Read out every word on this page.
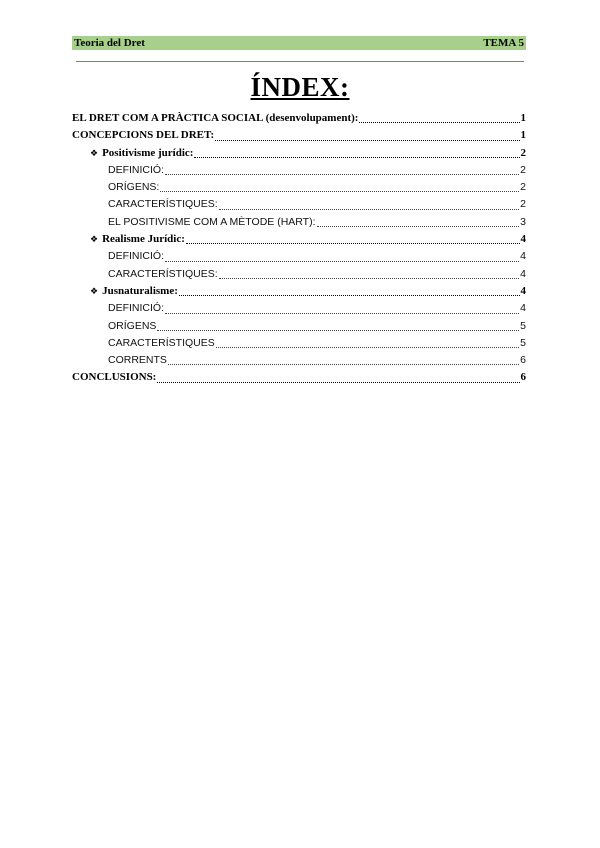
Teoria del Dret	TEMA 5
ÍNDEX:
EL DRET COM A PRÀCTICA SOCIAL (desenvolupament):	1
CONCEPCIONS DEL DRET:	1
❖ Positivisme jurídic:	2
DEFINICIÓ:	2
ORÍGENS:	2
CARACTERÍSTIQUES:	2
EL POSITIVISME COM A MÈTODE (HART):	3
❖ Realisme Jurídic:	4
DEFINICIÓ:	4
CARACTERÍSTIQUES:	4
❖ Jusnaturalisme:	4
DEFINICIÓ:	4
ORÍGENS	5
CARACTERÍSTIQUES	5
CORRENTS	6
CONCLUSIONS:	6
